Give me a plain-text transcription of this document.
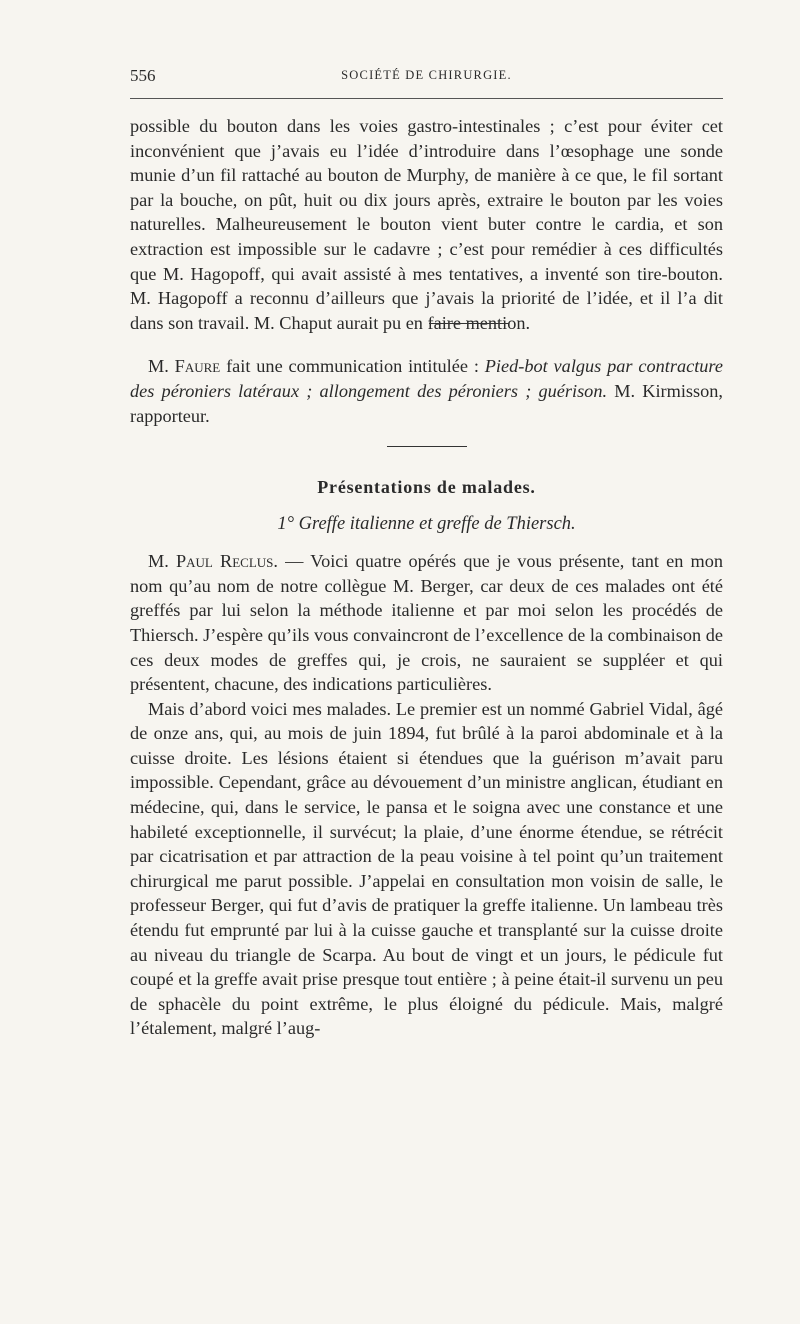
556	SOCIÉTÉ DE CHIRURGIE.

possible du bouton dans les voies gastro-intestinales ; c’est pour éviter cet inconvénient que j’avais eu l’idée d’introduire dans l’œsophage une sonde munie d’un fil rattaché au bouton de Murphy, de manière à ce que, le fil sortant par la bouche, on pût, huit ou dix jours après, extraire le bouton par les voies naturelles. Malheureusement le bouton vient buter contre le cardia, et son extraction est impossible sur le cadavre ; c’est pour remédier à ces difficultés que M. Hagopoff, qui avait assisté à mes tentatives, a inventé son tire-bouton. M. Hagopoff a reconnu d’ailleurs que j’avais la priorité de l’idée, et il l’a dit dans son travail. M. Chaput aurait pu en faire mention.

M. Faure fait une communication intitulée : Pied-bot valgus par contracture des péroniers latéraux ; allongement des péroniers ; guérison. M. Kirmisson, rapporteur.

Présentations de malades.
1° Greffe italienne et greffe de Thiersch.

M. Paul Reclus. — Voici quatre opérés que je vous présente, tant en mon nom qu’au nom de notre collègue M. Berger, car deux de ces malades ont été greffés par lui selon la méthode italienne et par moi selon les procédés de Thiersch. J’espère qu’ils vous convaincront de l’excellence de la combinaison de ces deux modes de greffes qui, je crois, ne sauraient se suppléer et qui présentent, chacune, des indications particulières.

Mais d’abord voici mes malades. Le premier est un nommé Gabriel Vidal, âgé de onze ans, qui, au mois de juin 1894, fut brûlé à la paroi abdominale et à la cuisse droite. Les lésions étaient si étendues que la guérison m’avait paru impossible. Cependant, grâce au dévouement d’un ministre anglican, étudiant en médecine, qui, dans le service, le pansa et le soigna avec une constance et une habileté exceptionnelle, il survécut; la plaie, d’une énorme étendue, se rétrécit par cicatrisation et par attraction de la peau voisine à tel point qu’un traitement chirurgical me parut possible. J’appelai en consultation mon voisin de salle, le professeur Berger, qui fut d’avis de pratiquer la greffe italienne. Un lambeau très étendu fut emprunté par lui à la cuisse gauche et transplanté sur la cuisse droite au niveau du triangle de Scarpa. Au bout de vingt et un jours, le pédicule fut coupé et la greffe avait prise presque tout entière ; à peine était-il survenu un peu de sphacèle du point extrême, le plus éloigné du pédicule. Mais, malgré l’étalement, malgré l’aug-
